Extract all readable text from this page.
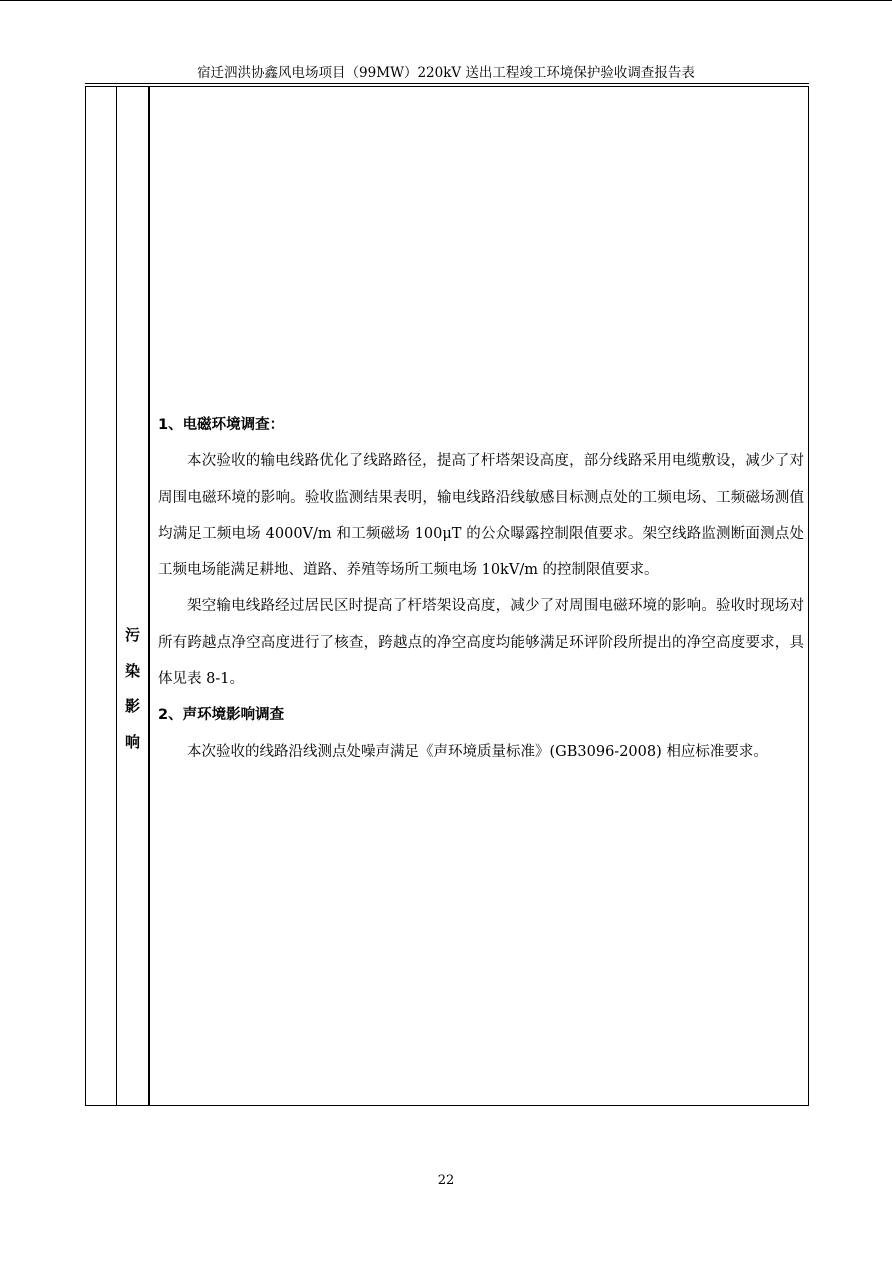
宿迁泗洪协鑫风电场项目（99MW）220kV 送出工程竣工环境保护验收调查报告表
污
染
影
响

1、电磁环境调查：

本次验收的输电线路优化了线路路径，提高了杆塔架设高度，部分线路采用电缆敷设，减少了对周围电磁环境的影响。验收监测结果表明，输电线路沿线敏感目标测点处的工频电场、工频磁场测值均满足工频电场 4000V/m 和工频磁场 100μT 的公众曝露控制限值要求。架空线路监测断面测点处工频电场能满足耕地、道路、养殖等场所工频电场 10kV/m 的控制限值要求。

架空输电线路经过居民区时提高了杆塔架设高度，减少了对周围电磁环境的影响。验收时现场对所有跨越点净空高度进行了核查，跨越点的净空高度均能够满足环评阶段所提出的净空高度要求，具体见表 8-1。

2、声环境影响调查

本次验收的线路沿线测点处噪声满足《声环境质量标准》(GB3096-2008) 相应标准要求。

22
